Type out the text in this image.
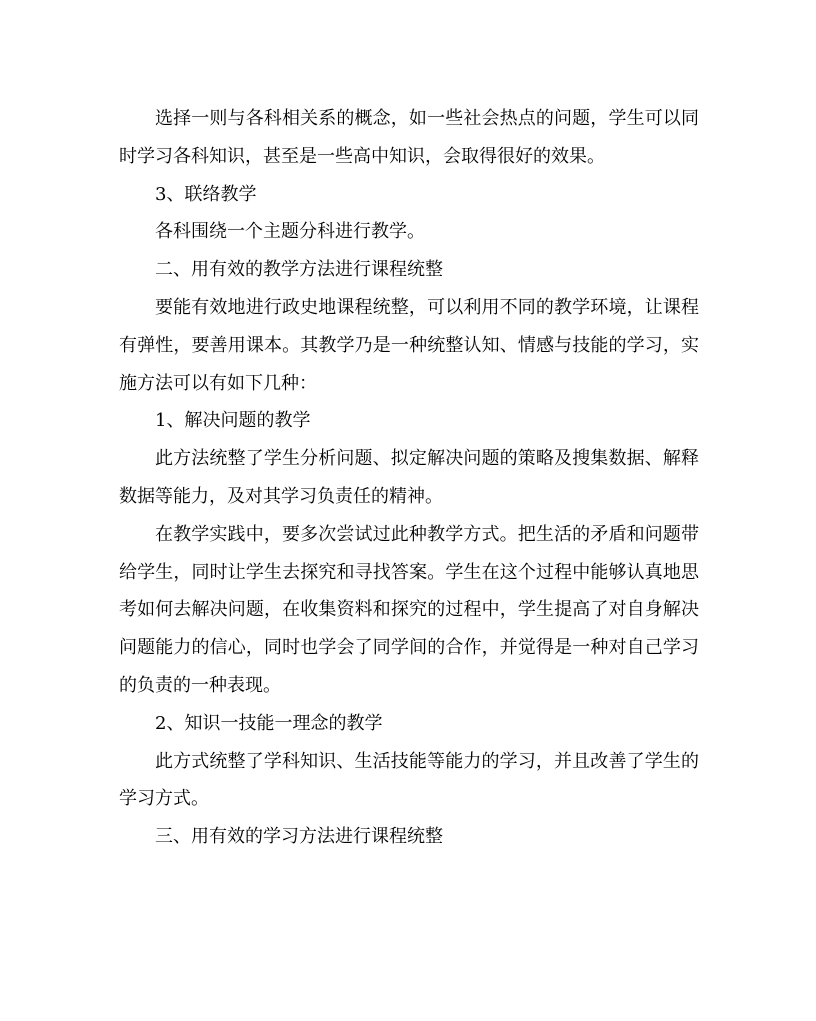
选择一则与各科相关系的概念，如一些社会热点的问题，学生可以同时学习各科知识，甚至是一些高中知识，会取得很好的效果。

3、联络教学

各科围绕一个主题分科进行教学。

二、用有效的教学方法进行课程统整

要能有效地进行政史地课程统整，可以利用不同的教学环境，让课程有弹性，要善用课本。其教学乃是一种统整认知、情感与技能的学习，实施方法可以有如下几种：

1、解决问题的教学

此方法统整了学生分析问题、拟定解决问题的策略及搜集数据、解释数据等能力，及对其学习负责任的精神。

在教学实践中，要多次尝试过此种教学方式。把生活的矛盾和问题带给学生，同时让学生去探究和寻找答案。学生在这个过程中能够认真地思考如何去解决问题，在收集资料和探究的过程中，学生提高了对自身解决问题能力的信心，同时也学会了同学间的合作，并觉得是一种对自己学习的负责的一种表现。

2、知识一技能一理念的教学

此方式统整了学科知识、生活技能等能力的学习，并且改善了学生的学习方式。

三、用有效的学习方法进行课程统整
